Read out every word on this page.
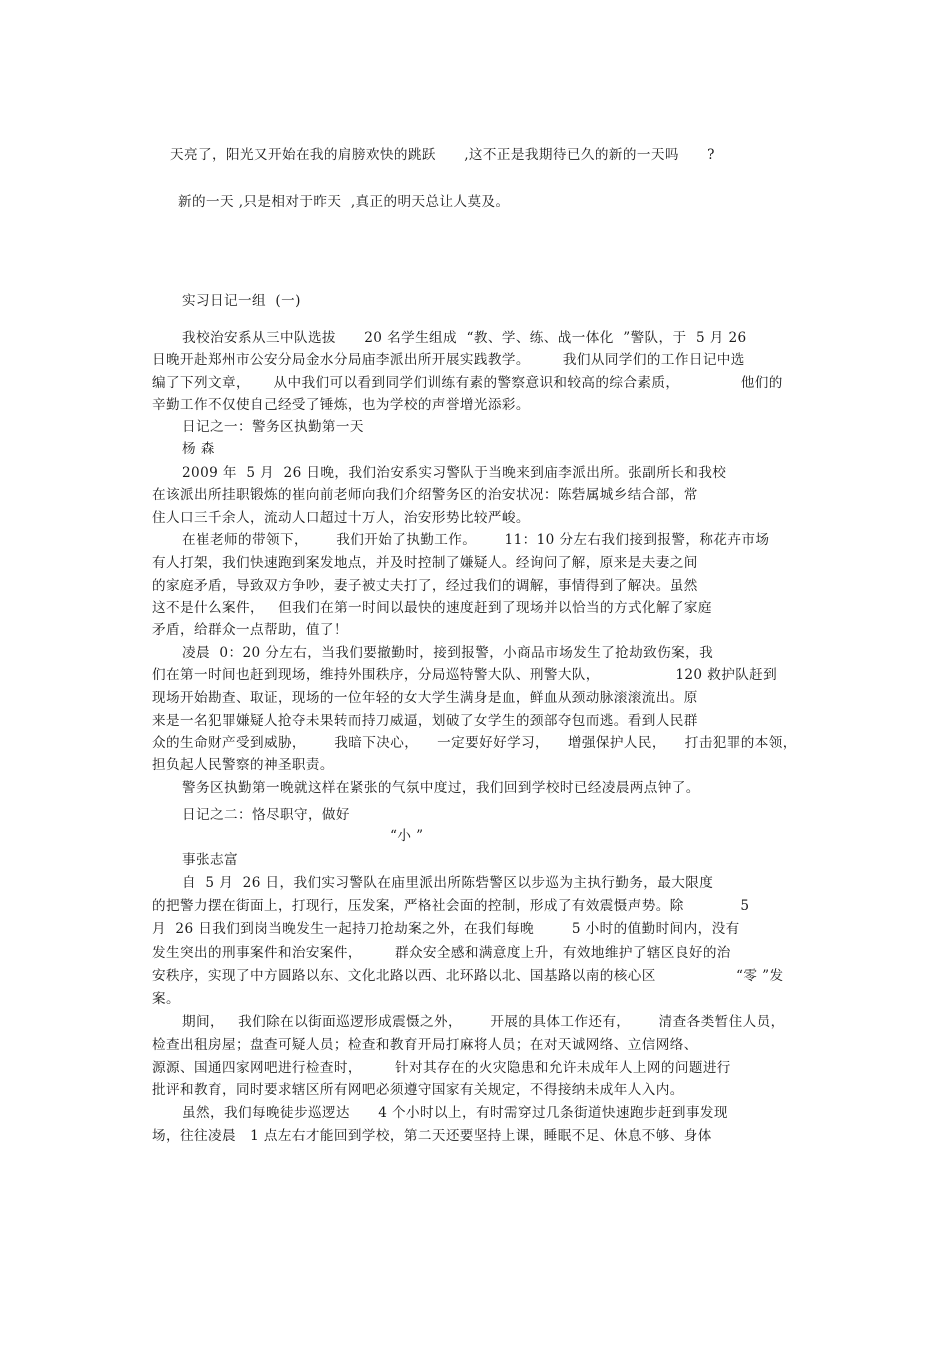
天亮了，阳光又开始在我的肩膀欢快的跳跃      ,这不正是我期待已久的新的一天吗      ?
新的一天 ,只是相对于昨天  ,真正的明天总让人莫及。
实习日记一组  (一)
我校治安系从三中队选拔      20 名学生组成  “教、学、练、战一体化  ”警队，于  5 月 26
日晚开赴郑州市公安分局金水分局庙李派出所开展实践教学。       我们从同学们的工作日记中选
编了下列文章，     从中我们可以看到同学们训练有素的警察意识和较高的综合素质，             他们的
辛勤工作不仅使自己经受了锤炼，也为学校的声誉增光添彩。
日记之一：警务区执勤第一天
杨 森
2009 年  5 月  26 日晚，我们治安系实习警队于当晚来到庙李派出所。张副所长和我校
在该派出所挂职锻炼的崔向前老师向我们介绍警务区的治安状况：陈砦属城乡结合部，常
住人口三千余人，流动人口超过十万人，治安形势比较严峻。
在崔老师的带领下，      我们开始了执勤工作。      11：10 分左右我们接到报警，称花卉市场
有人打架，我们快速跑到案发地点，并及时控制了嫌疑人。经询问了解，原来是夫妻之间
的家庭矛盾，导致双方争吵，妻子被丈夫打了，经过我们的调解，事情得到了解决。虽然
这不是什么案件，   但我们在第一时间以最快的速度赶到了现场并以恰当的方式化解了家庭
矛盾，给群众一点帮助，值了！
凌晨  0：20 分左右，当我们要撤勤时，接到报警，小商品市场发生了抢劫致伤案，我
们在第一时间也赶到现场，维持外围秩序，分局巡特警大队、刑警大队，                120 救护队赶到
现场开始勘查、取证，现场的一位年轻的女大学生满身是血，鲜血从颈动脉滚滚流出。原
来是一名犯罪嫌疑人抢夺未果转而持刀威逼，划破了女学生的颈部夺包而逃。看到人民群
众的生命财产受到威胁，      我暗下决心，    一定要好好学习，    增强保护人民，    打击犯罪的本领，
担负起人民警察的神圣职责。
警务区执勤第一晚就这样在紧张的气氛中度过，我们回到学校时已经凌晨两点钟了。
日记之二：恪尽职守，做好
“小 ”
事张志富
自  5 月  26 日，我们实习警队在庙里派出所陈砦警区以步巡为主执行勤务，最大限度
的把警力摆在街面上，打现行，压发案，严格社会面的控制，形成了有效震慑声势。除            5
月  26 日我们到岗当晚发生一起持刀抢劫案之外，在我们每晚        5 小时的值勤时间内，没有
发生突出的刑事案件和治安案件，       群众安全感和满意度上升，有效地维护了辖区良好的治
安秩序，实现了中方圆路以东、文化北路以西、北环路以北、国基路以南的核心区                 “零 ”发
案。
期间，   我们除在以街面巡逻形成震慑之外，      开展的具体工作还有，      清查各类暂住人员，
检查出租房屋；盘查可疑人员；检查和教育开局打麻将人员；在对天诚网络、立信网络、
源源、国通四家网吧进行检查时，       针对其存在的火灾隐患和允许未成年人上网的问题进行
批评和教育，同时要求辖区所有网吧必须遵守国家有关规定，不得接纳未成年人入内。
虽然，我们每晚徒步巡逻达      4 个小时以上，有时需穿过几条街道快速跑步赶到事发现
场，往往凌晨   1 点左右才能回到学校，第二天还要坚持上课，睡眠不足、休息不够、身体
